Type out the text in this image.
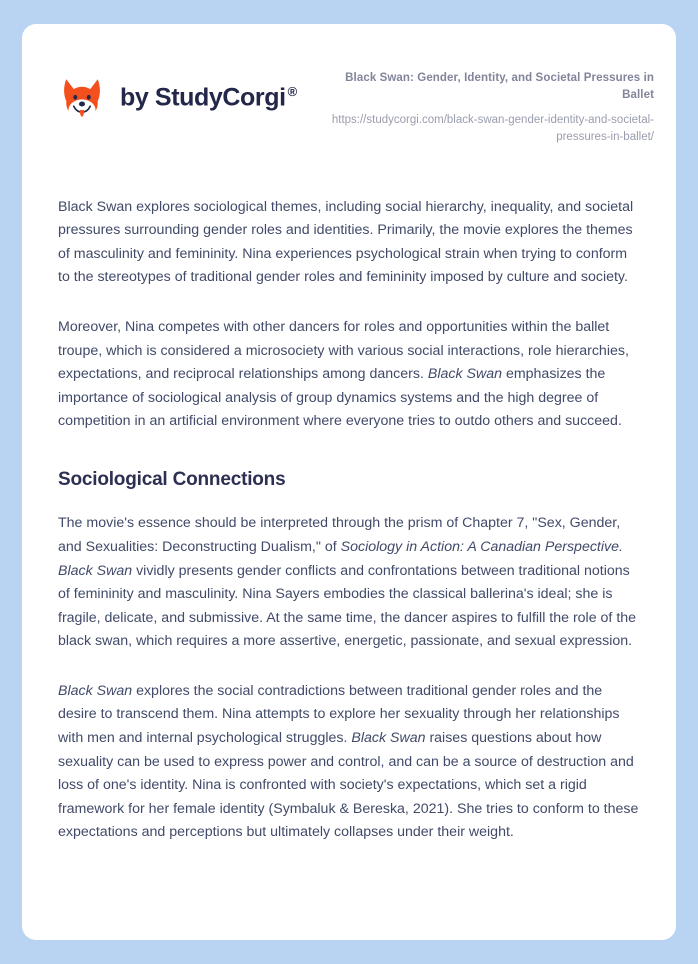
by StudyCorgi ®
Black Swan: Gender, Identity, and Societal Pressures in Ballet
https://studycorgi.com/black-swan-gender-identity-and-societal-pressures-in-ballet/

Black Swan explores sociological themes, including social hierarchy, inequality, and societal pressures surrounding gender roles and identities. Primarily, the movie explores the themes of masculinity and femininity. Nina experiences psychological strain when trying to conform to the stereotypes of traditional gender roles and femininity imposed by culture and society.

Moreover, Nina competes with other dancers for roles and opportunities within the ballet troupe, which is considered a microsociety with various social interactions, role hierarchies, expectations, and reciprocal relationships among dancers. Black Swan emphasizes the importance of sociological analysis of group dynamics systems and the high degree of competition in an artificial environment where everyone tries to outdo others and succeed.

Sociological Connections

The movie's essence should be interpreted through the prism of Chapter 7, "Sex, Gender, and Sexualities: Deconstructing Dualism," of Sociology in Action: A Canadian Perspective. Black Swan vividly presents gender conflicts and confrontations between traditional notions of femininity and masculinity. Nina Sayers embodies the classical ballerina's ideal; she is fragile, delicate, and submissive. At the same time, the dancer aspires to fulfill the role of the black swan, which requires a more assertive, energetic, passionate, and sexual expression.

Black Swan explores the social contradictions between traditional gender roles and the desire to transcend them. Nina attempts to explore her sexuality through her relationships with men and internal psychological struggles. Black Swan raises questions about how sexuality can be used to express power and control, and can be a source of destruction and loss of one's identity. Nina is confronted with society's expectations, which set a rigid framework for her female identity (Symbaluk & Bereska, 2021). She tries to conform to these expectations and perceptions but ultimately collapses under their weight.
